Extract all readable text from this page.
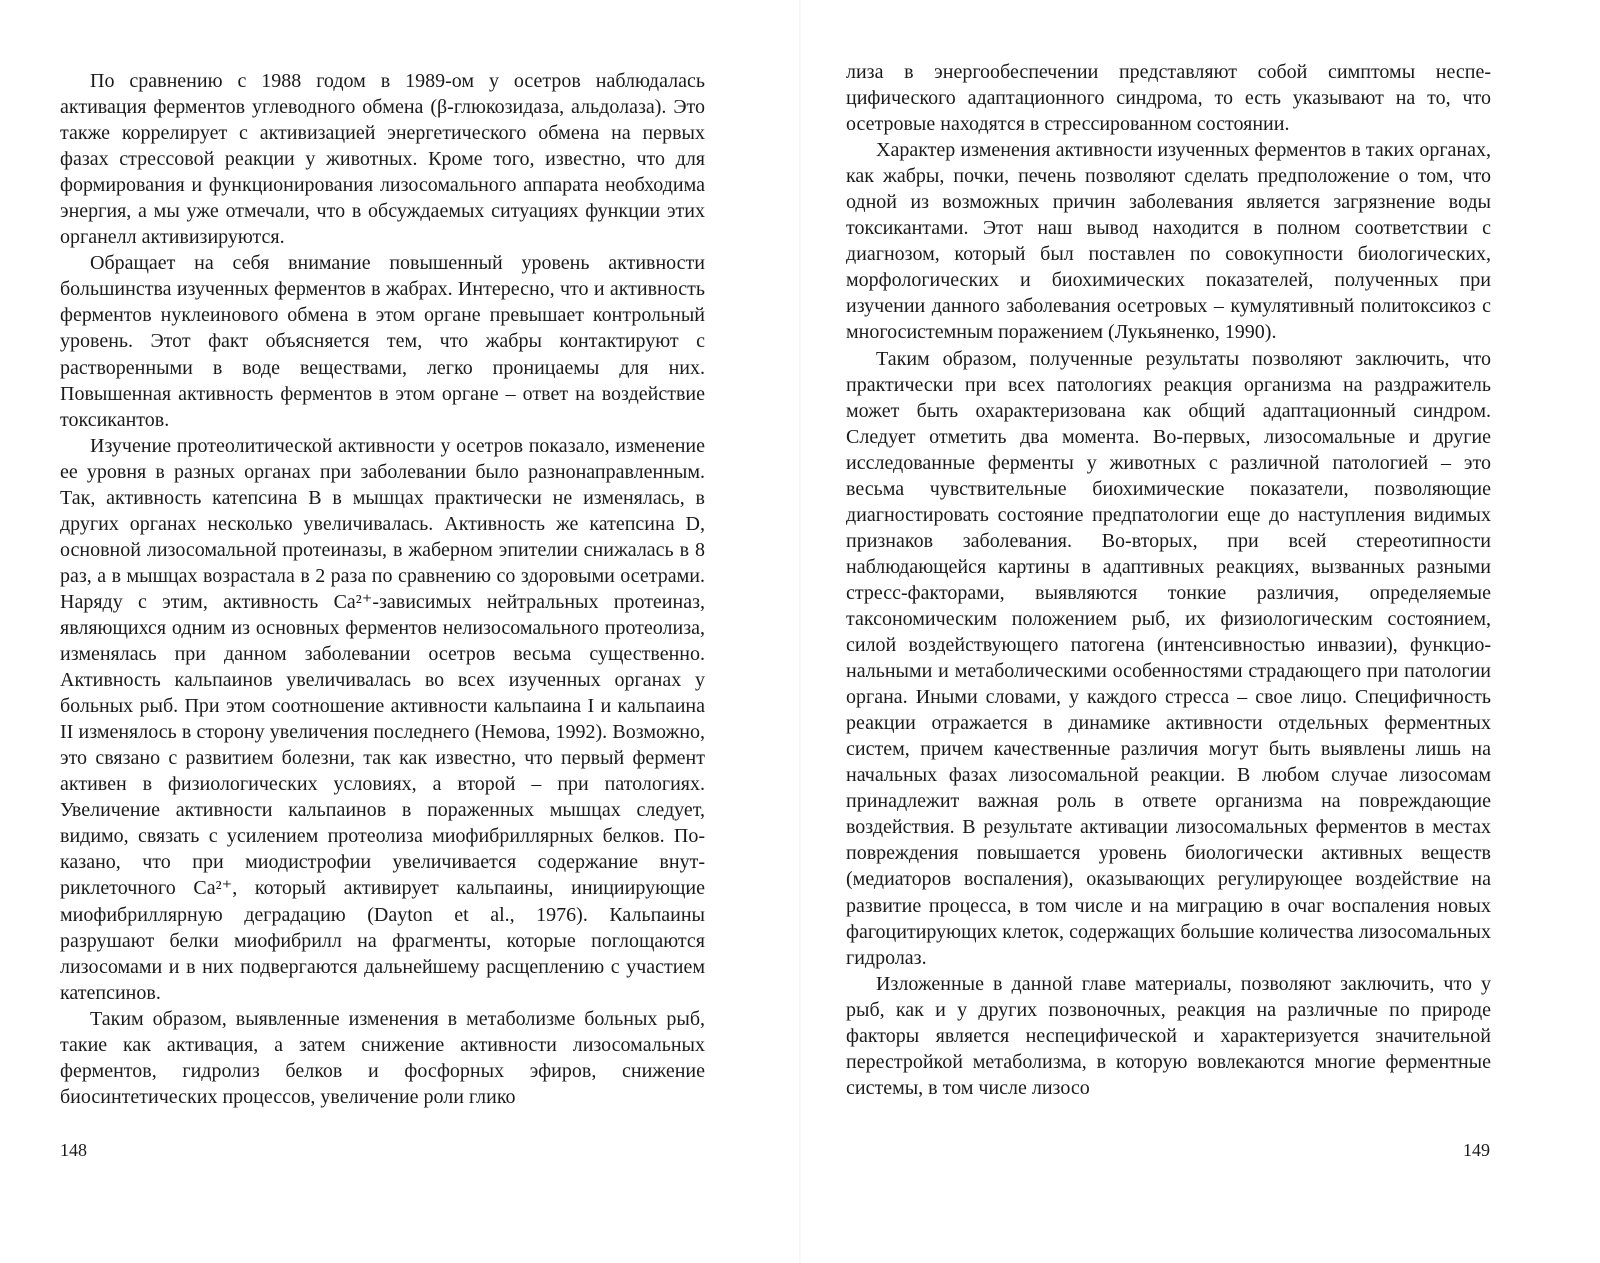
По сравнению с 1988 годом в 1989-ом у осетров наблюдалась активация ферментов углеводного обмена (β-глюкозидаза, альдолаза). Это также коррелирует с активизацией энергетического обмена на первых фазах стрессовой реакции у животных. Кроме того, известно, что для формирования и функционирования лизосомального аппарата необходима энергия, а мы уже отмечали, что в обсуждаемых ситуациях функции этих органелл активизируются.

Обращает на себя внимание повышенный уровень активности большинства изученных ферментов в жабрах. Интересно, что и активность ферментов нуклеинового обмена в этом органе превышает контрольный уровень. Этот факт объясняется тем, что жабры контактируют с растворенными в воде веществами, легко проницаемы для них. Повышенная активность ферментов в этом органе – ответ на воздействие токсикантов.

Изучение протеолитической активности у осетров показало, изменение ее уровня в разных органах при заболевании было разнонаправленным. Так, активность катепсина В в мышцах практически не изменялась, в других органах несколько увеличивалась. Активность же катепсина D, основной лизосомальной протеиназы, в жаберном эпителии снижалась в 8 раз, а в мышцах возрастала в 2 раза по сравнению со здоровыми осетрами. Наряду с этим, активность Са²⁺-зависимых нейтральных протеиназ, являющихся одним из основных ферментов нелизосомального протеолиза, изменялась при данном заболевании осетров весьма существенно. Активность кальпаинов увеличивалась во всех изученных органах у больных рыб. При этом соотношение активности кальпаина I и кальпаина II изменялось в сторону увеличения последнего (Немова, 1992). Возможно, это связано с развитием болезни, так как известно, что первый фермент активен в физиологических условиях, а второй – при патологиях. Увеличение активности кальпаинов в пораженных мышцах следует, видимо, связать с усилением протеолиза миофибриллярных белков. Показано, что при миодистрофии увеличивается содержание внутриклеточного Са²⁺, который активирует кальпаины, инициирующие миофибриллярную деградацию (Dayton et al., 1976). Кальпаины разрушают белки миофибрилл на фрагменты, которые поглощаются лизосомами и в них подвергаются дальнейшему расщеплению с участием катепсинов.

Таким образом, выявленные изменения в метаболизме больных рыб, такие как активация, а затем снижение активности лизосомальных ферментов, гидролиз белков и фосфорных эфиров, снижение биосинтетических процессов, увеличение роли глико

148

лиза в энергообеспечении представляют собой симптомы неспецифического адаптационного синдрома, то есть указывают на то, что осетровые находятся в стрессированном состоянии.

Характер изменения активности изученных ферментов в таких органах, как жабры, почки, печень позволяют сделать предположение о том, что одной из возможных причин заболевания является загрязнение воды токсикантами. Этот наш вывод находится в полном соответствии с диагнозом, который был поставлен по совокупности биологических, морфологических и биохимических показателей, полученных при изучении данного заболевания осетровых – кумулятивный политоксикоз с многосистемным поражением (Лукьяненко, 1990).

Таким образом, полученные результаты позволяют заключить, что практически при всех патологиях реакция организма на раздражитель может быть охарактеризована как общий адаптационный синдром. Следует отметить два момента. Во-первых, лизосомальные и другие исследованные ферменты у животных с различной патологией – это весьма чувствительные биохимические показатели, позволяющие диагностировать состояние предпатологии еще до наступления видимых признаков заболевания. Во-вторых, при всей стереотипности наблюдающейся картины в адаптивных реакциях, вызванных разными стресс-факторами, выявляются тонкие различия, определяемые таксономическим положением рыб, их физиологическим состоянием, силой воздействующего патогена (интенсивностью инвазии), функциональными и метаболическими особенностями страдающего при патологии органа. Иными словами, у каждого стресса – свое лицо. Специфичность реакции отражается в динамике активности отдельных ферментных систем, причем качественные различия могут быть выявлены лишь на начальных фазах лизосомальной реакции. В любом случае лизосомам принадлежит важная роль в ответе организма на повреждающие воздействия. В результате активации лизосомальных ферментов в местах повреждения повышается уровень биологически активных веществ (медиаторов воспаления), оказывающих регулирующее воздействие на развитие процесса, в том числе и на миграцию в очаг воспаления новых фагоцитирующих клеток, содержащих большие количества лизосомальных гидролаз.

Изложенные в данной главе материалы, позволяют заключить, что у рыб, как и у других позвоночных, реакция на различные по природе факторы является неспецифической и характеризуется значительной перестройкой метаболизма, в которую вовлекаются многие ферментные системы, в том числе лизосо

149
